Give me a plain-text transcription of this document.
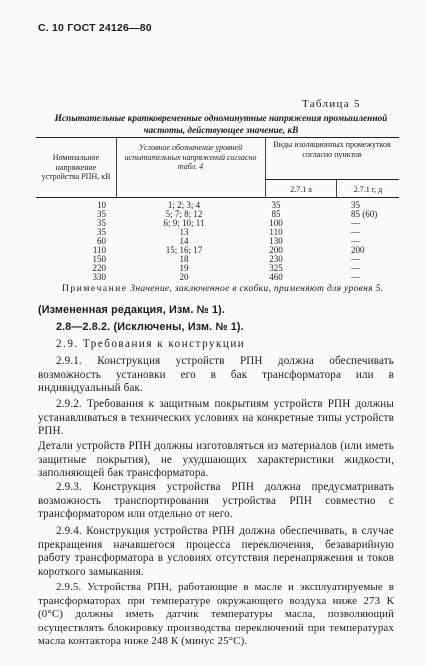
С. 10 ГОСТ 24126—80
Таблица 5
Испытательные кратковременные одноминутные напряжения промышленной
частоты, действующее значение, кВ
Номинальное напряжение устройства РПН, кВ
Условное обозначение уровней испытательных напряжений согласно табл. 4
Виды изоляционных промежутков согласно пунктов
2.7.1 а	2.7.1 г, д
10
35
35
35
60
110
150
220
330
1; 2; 3; 4
5; 7; 8; 12
6; 9; 10; 11
13
14
15; 16; 17
18
19
20
35
85
100
110
130
200
230
325
460
35
85 (60)
—
—
—
200
—
—
—
Примечание Значение, заключенное в скобки, применяют для уровня 5.
(Измененная редакция, Изм. № 1).
2.8—2.8.2. (Исключены, Изм. № 1).
2.9. Требования к конструкции

2.9.1. Конструкция устройств РПН должна обеспечивать возможность установки его в бак трансформатора или в индивидуальный бак.

2.9.2. Требования к защитным покрытиям устройств РПН должны устанавливаться в технических условиях на конкретные типы устройств РПН.

Детали устройств РПН должны изготовляться из материалов (или иметь защитные покрытия), не ухудшающих характеристики жидкости, заполняющей бак трансформатора.

2.9.3. Конструкция устройства РПН должна предусматривать возможность транспортирования устройства РПН совместно с трансформатором или отдельно от него.

2.9.4. Конструкция устройства РПН должна обеспечивать, в случае прекращения начавшегося процесса переключения, безаварийную работу трансформатора в условиях отсутствия перенапряжения и токов короткого замыкания.

2.9.5. Устройства РПН, работающие в масле и эксплуатируемые в трансформаторах при температуре окружающего воздуха ниже 273 К (0°С) должны иметь датчик температуры масла, позволяющий осуществлять блокировку производства переключений при температурах масла контактора ниже 248 К (минус 25°С).
